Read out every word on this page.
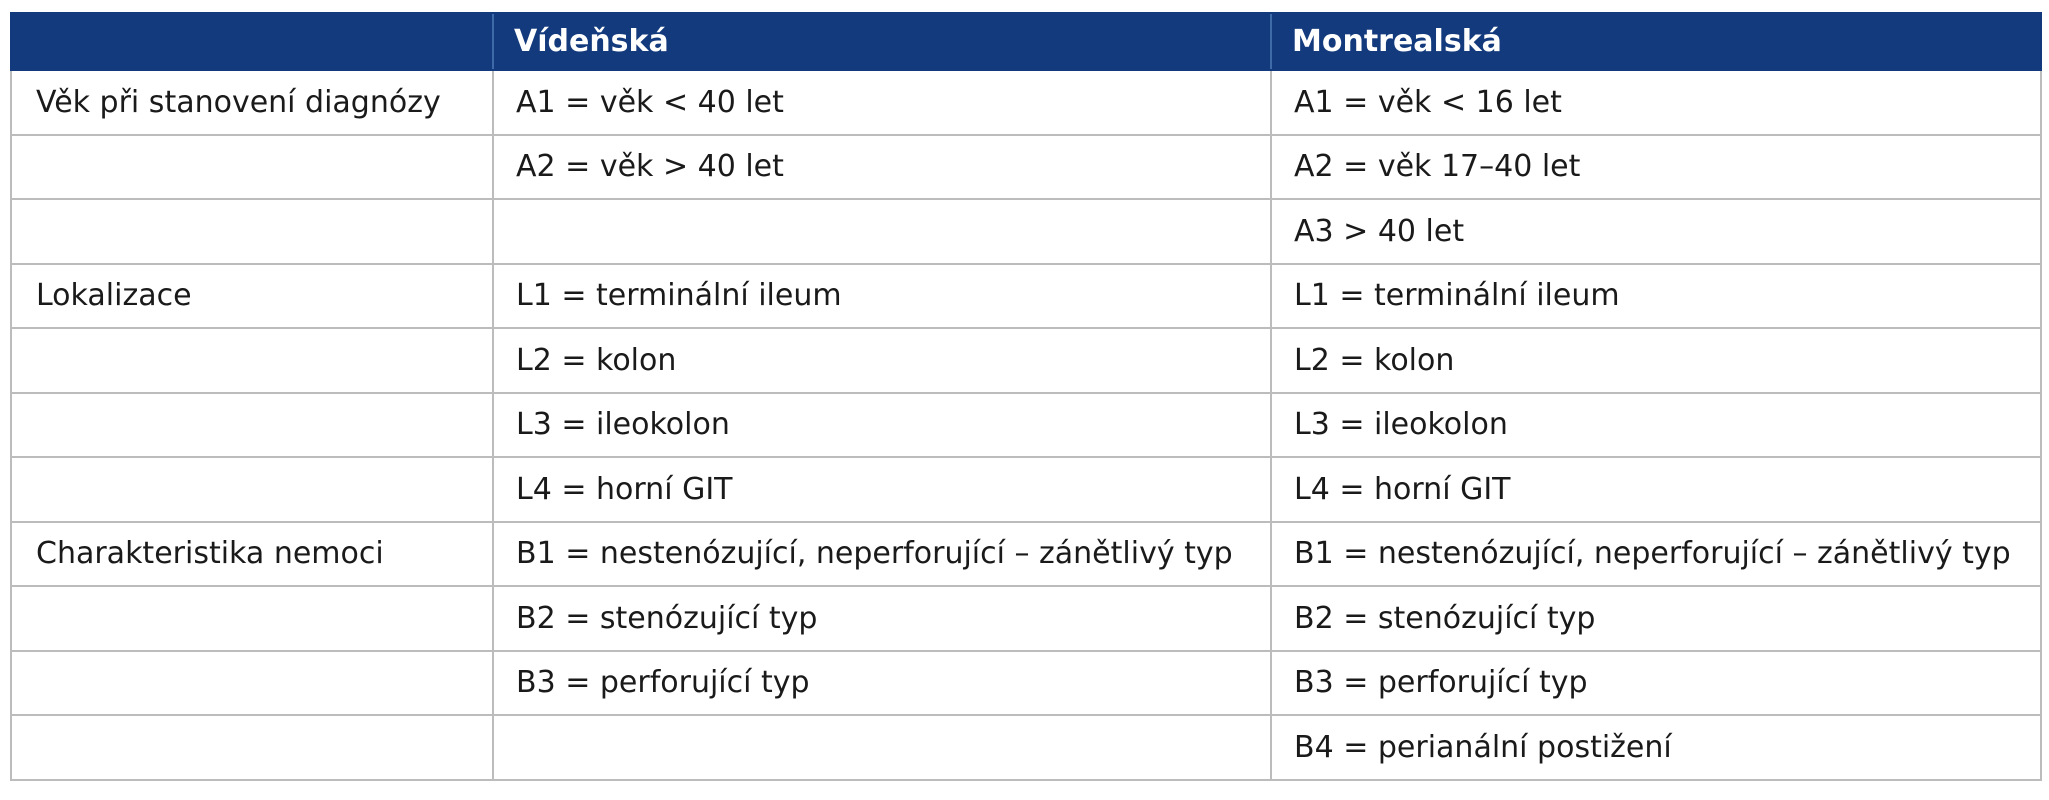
	Vídeňská	Montrealská
Věk při stanovení diagnózy	A1 = věk < 40 let	A1 = věk < 16 let
	A2 = věk > 40 let	A2 = věk 17–40 let
		A3 > 40 let
Lokalizace	L1 = terminální ileum	L1 = terminální ileum
	L2 = kolon	L2 = kolon
	L3 = ileokolon	L3 = ileokolon
	L4 = horní GIT	L4 = horní GIT
Charakteristika nemoci	B1 = nestenózující, neperforující – zánětlivý typ	B1 = nestenózující, neperforující – zánětlivý typ
	B2 = stenózující typ	B2 = stenózující typ
	B3 = perforující typ	B3 = perforující typ
		B4 = perianální postižení
